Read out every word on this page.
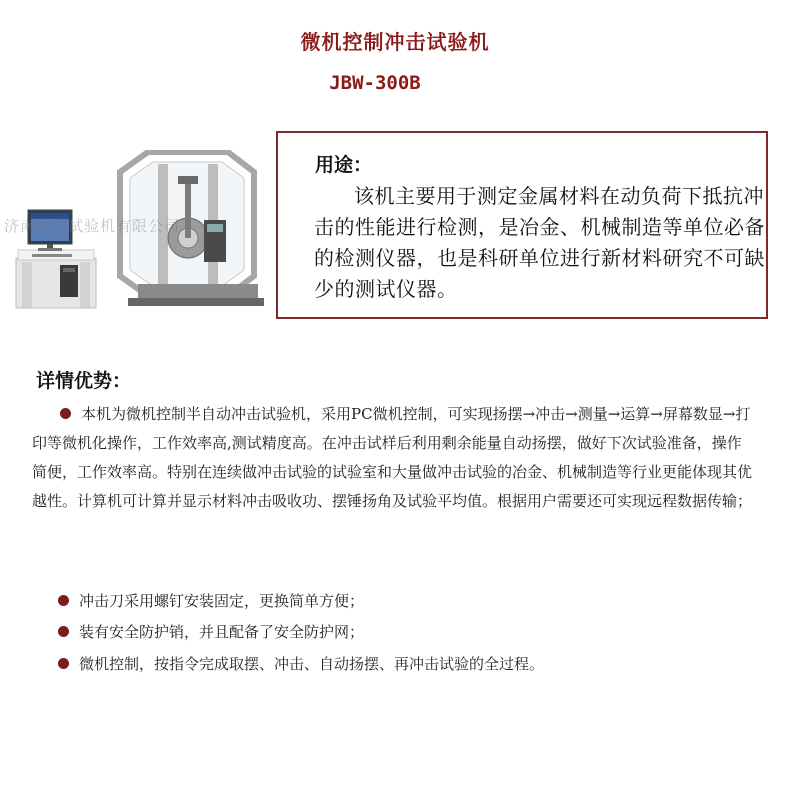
微机控制冲击试验机
JBW-300B
济南试领试验机有限公司
用途：
该机主要用于测定金属材料在动负荷下抵抗冲击的性能进行检测，是冶金、机械制造等单位必备的检测仪器，也是科研单位进行新材料研究不可缺少的测试仪器。
详情优势：
本机为微机控制半自动冲击试验机，采用PC微机控制，可实现扬摆→冲击→测量→运算→屏幕数显→打印等微机化操作，工作效率高,测试精度高。在冲击试样后利用剩余能量自动扬摆，做好下次试验准备，操作简便，工作效率高。特别在连续做冲击试验的试验室和大量做冲击试验的冶金、机械制造等行业更能体现其优越性。计算机可计算并显示材料冲击吸收功、摆锤扬角及试验平均值。根据用户需要还可实现远程数据传输；
冲击刀采用螺钉安装固定，更换简单方便；
装有安全防护销，并且配备了安全防护网；
微机控制，按指令完成取摆、冲击、自动扬摆、再冲击试验的全过程。
